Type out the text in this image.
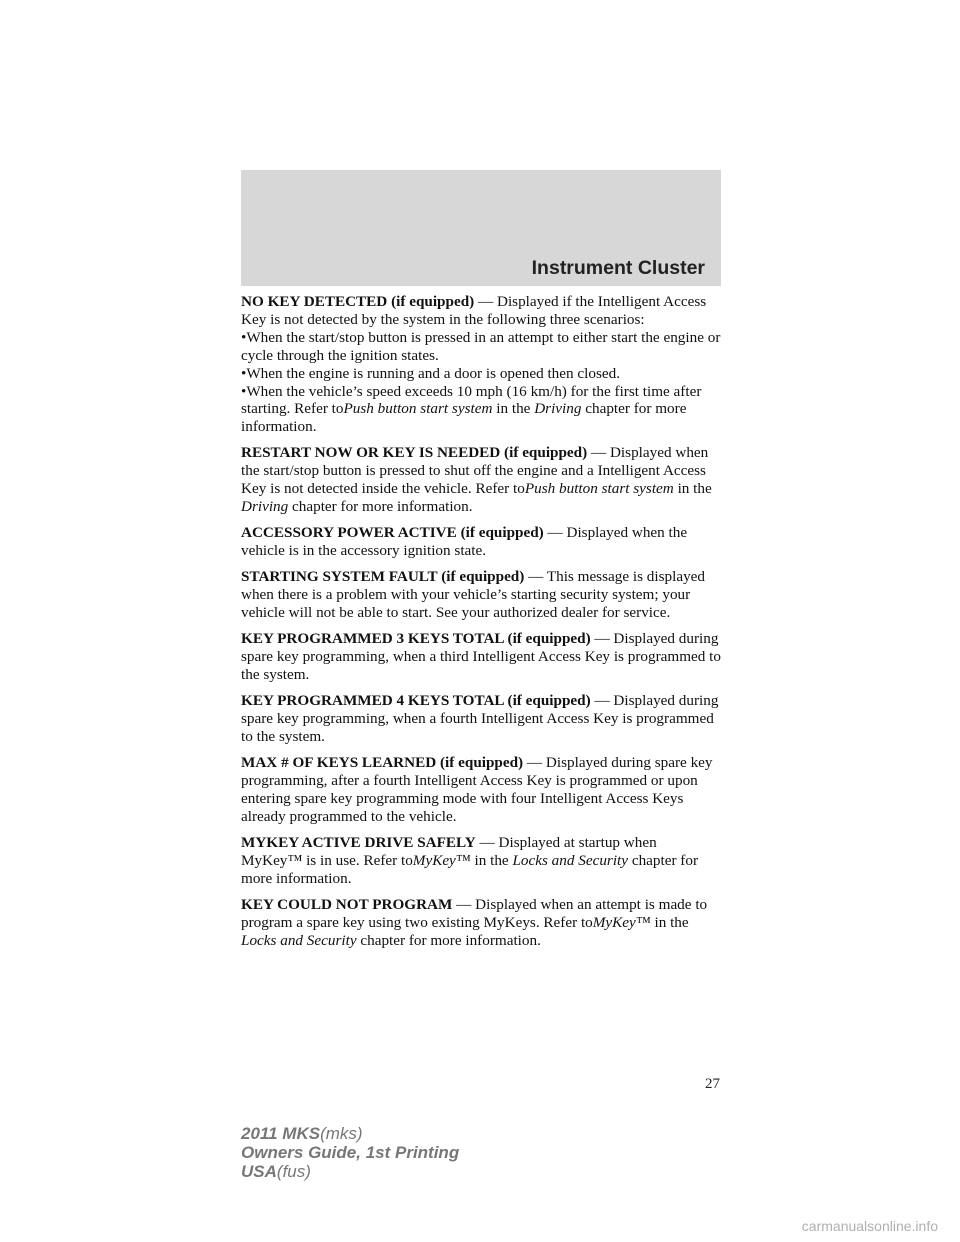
Instrument Cluster

NO KEY DETECTED (if equipped) — Displayed if the Intelligent Access Key is not detected by the system in the following three scenarios:
•When the start/stop button is pressed in an attempt to either start the engine or cycle through the ignition states.
•When the engine is running and a door is opened then closed.
•When the vehicle’s speed exceeds 10 mph (16 km/h) for the first time after starting. Refer toPush button start system in the Driving chapter for more information.

RESTART NOW OR KEY IS NEEDED (if equipped) — Displayed when the start/stop button is pressed to shut off the engine and a Intelligent Access Key is not detected inside the vehicle. Refer toPush button start system in the Driving chapter for more information.

ACCESSORY POWER ACTIVE (if equipped) — Displayed when the vehicle is in the accessory ignition state.

STARTING SYSTEM FAULT (if equipped) — This message is displayed when there is a problem with your vehicle’s starting security system; your vehicle will not be able to start. See your authorized dealer for service.

KEY PROGRAMMED 3 KEYS TOTAL (if equipped) — Displayed during spare key programming, when a third Intelligent Access Key is programmed to the system.

KEY PROGRAMMED 4 KEYS TOTAL (if equipped) — Displayed during spare key programming, when a fourth Intelligent Access Key is programmed to the system.

MAX # OF KEYS LEARNED (if equipped) — Displayed during spare key programming, after a fourth Intelligent Access Key is programmed or upon entering spare key programming mode with four Intelligent Access Keys already programmed to the vehicle.

MYKEY ACTIVE DRIVE SAFELY — Displayed at startup when MyKey™ is in use. Refer toMyKey™ in the Locks and Security chapter for more information.

KEY COULD NOT PROGRAM — Displayed when an attempt is made to program a spare key using two existing MyKeys. Refer toMyKey™ in the
Locks and Security chapter for more information.

27
2011 MKS(mks)
Owners Guide, 1st Printing
USA(fus)
carmanualsonline.info
